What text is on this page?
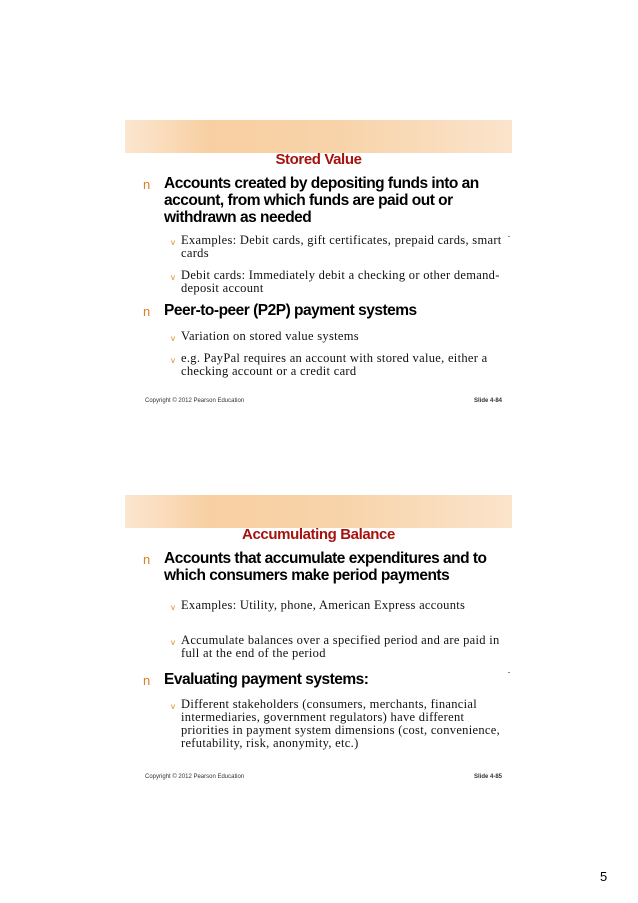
Stored Value
n Accounts created by depositing funds into an account, from which funds are paid out or withdrawn as needed
v Examples: Debit cards, gift certificates, prepaid cards, smart cards
v Debit cards: Immediately debit a checking or other demand-deposit account
n Peer-to-peer (P2P) payment systems
v Variation on stored value systems
v e.g. PayPal requires an account with stored value, either a checking account or a credit card
Copyright © 2012 Pearson Education	Slide 4-84
Accumulating Balance
n Accounts that accumulate expenditures and to which consumers make period payments
v Examples: Utility, phone, American Express accounts
v Accumulate balances over a specified period and are paid in full at the end of the period
n Evaluating payment systems:
v Different stakeholders (consumers, merchants, financial intermediaries, government regulators) have different priorities in payment system dimensions (cost, convenience, refutability, risk, anonymity, etc.)
Copyright © 2012 Pearson Education	Slide 4-85
5
